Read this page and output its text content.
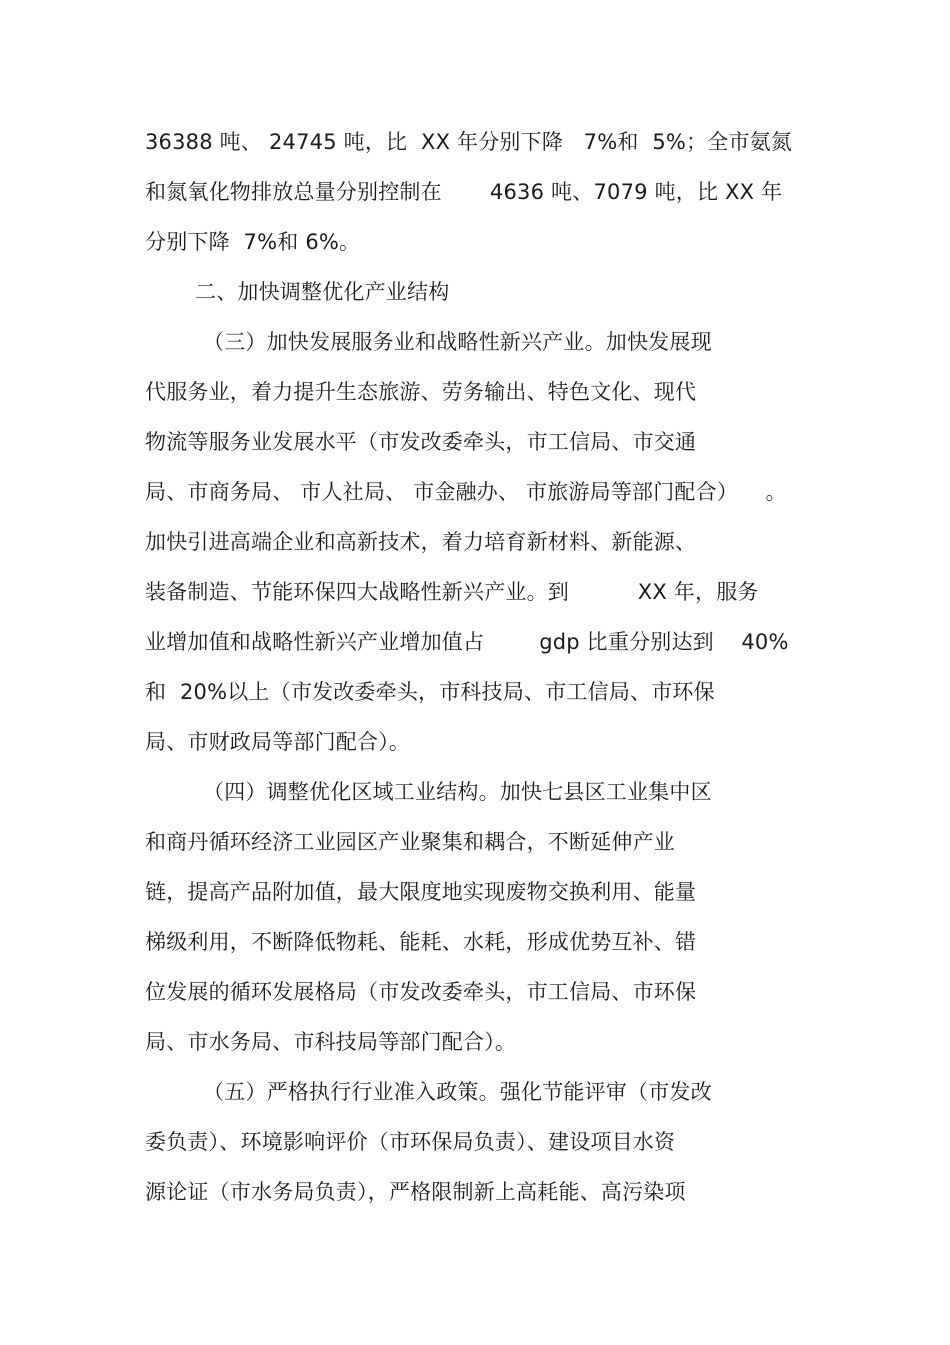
36388 吨、 24745 吨，比  XX 年分别下降   7%和  5%；全市氨氮
和氮氧化物排放总量分别控制在       4636 吨、7079 吨，比 XX 年
分别下降  7%和 6%。
二、加快调整优化产业结构
（三）加快发展服务业和战略性新兴产业。加快发展现
代服务业，着力提升生态旅游、劳务输出、特色文化、现代
物流等服务业发展水平（市发改委牵头，市工信局、市交通
局、市商务局、 市人社局、 市金融办、 市旅游局等部门配合）    。
加快引进高端企业和高新技术，着力培育新材料、新能源、
装备制造、节能环保四大战略性新兴产业。到          XX 年，服务
业增加值和战略性新兴产业增加值占        gdp 比重分别达到    40%
和  20%以上（市发改委牵头，市科技局、市工信局、市环保
局、市财政局等部门配合）。
（四）调整优化区域工业结构。加快七县区工业集中区
和商丹循环经济工业园区产业聚集和耦合，不断延伸产业
链，提高产品附加值，最大限度地实现废物交换利用、能量
梯级利用，不断降低物耗、能耗、水耗，形成优势互补、错
位发展的循环发展格局（市发改委牵头，市工信局、市环保
局、市水务局、市科技局等部门配合）。
（五）严格执行行业准入政策。强化节能评审（市发改
委负责）、环境影响评价（市环保局负责）、建设项目水资
源论证（市水务局负责），严格限制新上高耗能、高污染项
